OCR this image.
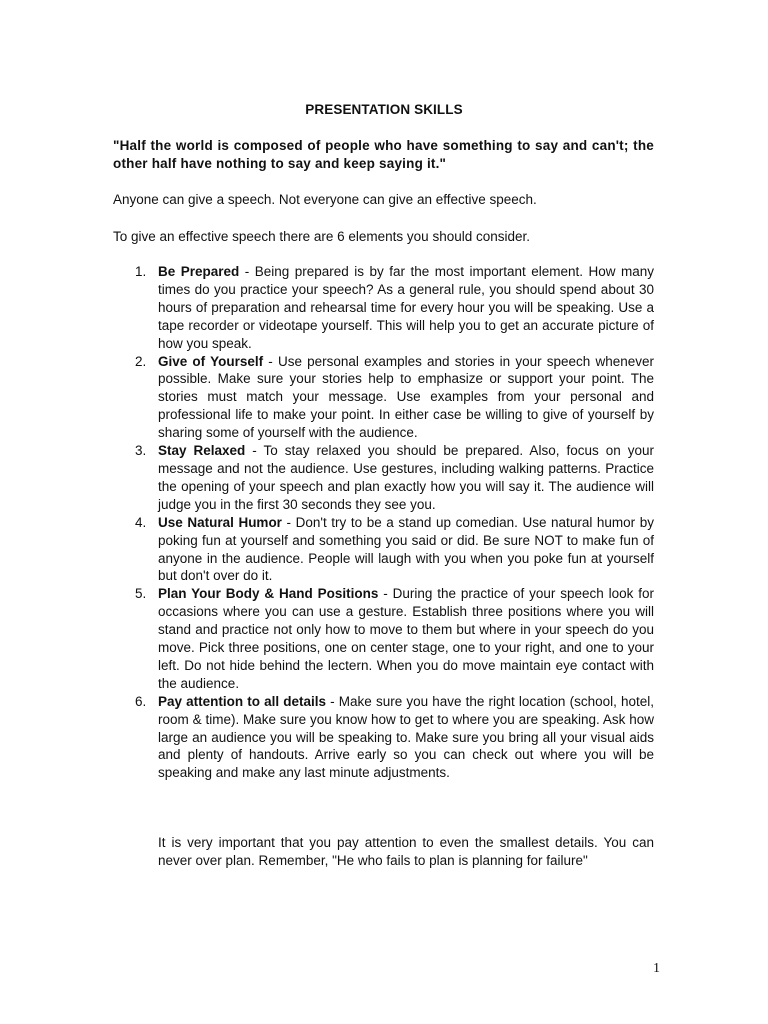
PRESENTATION SKILLS
"Half the world is composed of people who have something to say and can't; the other half have nothing to say and keep saying it."

Anyone can give a speech. Not everyone can give an effective speech.

To give an effective speech there are 6 elements you should consider.

1. Be Prepared - Being prepared is by far the most important element. How many times do you practice your speech? As a general rule, you should spend about 30 hours of preparation and rehearsal time for every hour you will be speaking. Use a tape recorder or videotape yourself. This will help you to get an accurate picture of how you speak.
2. Give of Yourself - Use personal examples and stories in your speech whenever possible. Make sure your stories help to emphasize or support your point. The stories must match your message. Use examples from your personal and professional life to make your point. In either case be willing to give of yourself by sharing some of yourself with the audience.
3. Stay Relaxed - To stay relaxed you should be prepared. Also, focus on your message and not the audience. Use gestures, including walking patterns. Practice the opening of your speech and plan exactly how you will say it. The audience will judge you in the first 30 seconds they see you.
4. Use Natural Humor - Don't try to be a stand up comedian. Use natural humor by poking fun at yourself and something you said or did. Be sure NOT to make fun of anyone in the audience. People will laugh with you when you poke fun at yourself but don't over do it.
5. Plan Your Body & Hand Positions - During the practice of your speech look for occasions where you can use a gesture. Establish three positions where you will stand and practice not only how to move to them but where in your speech do you move. Pick three positions, one on center stage, one to your right, and one to your left. Do not hide behind the lectern. When you do move maintain eye contact with the audience.
6. Pay attention to all details - Make sure you have the right location (school, hotel, room & time). Make sure you know how to get to where you are speaking. Ask how large an audience you will be speaking to. Make sure you bring all your visual aids and plenty of handouts. Arrive early so you can check out where you will be speaking and make any last minute adjustments.

It is very important that you pay attention to even the smallest details. You can never over plan. Remember, "He who fails to plan is planning for failure"

1
